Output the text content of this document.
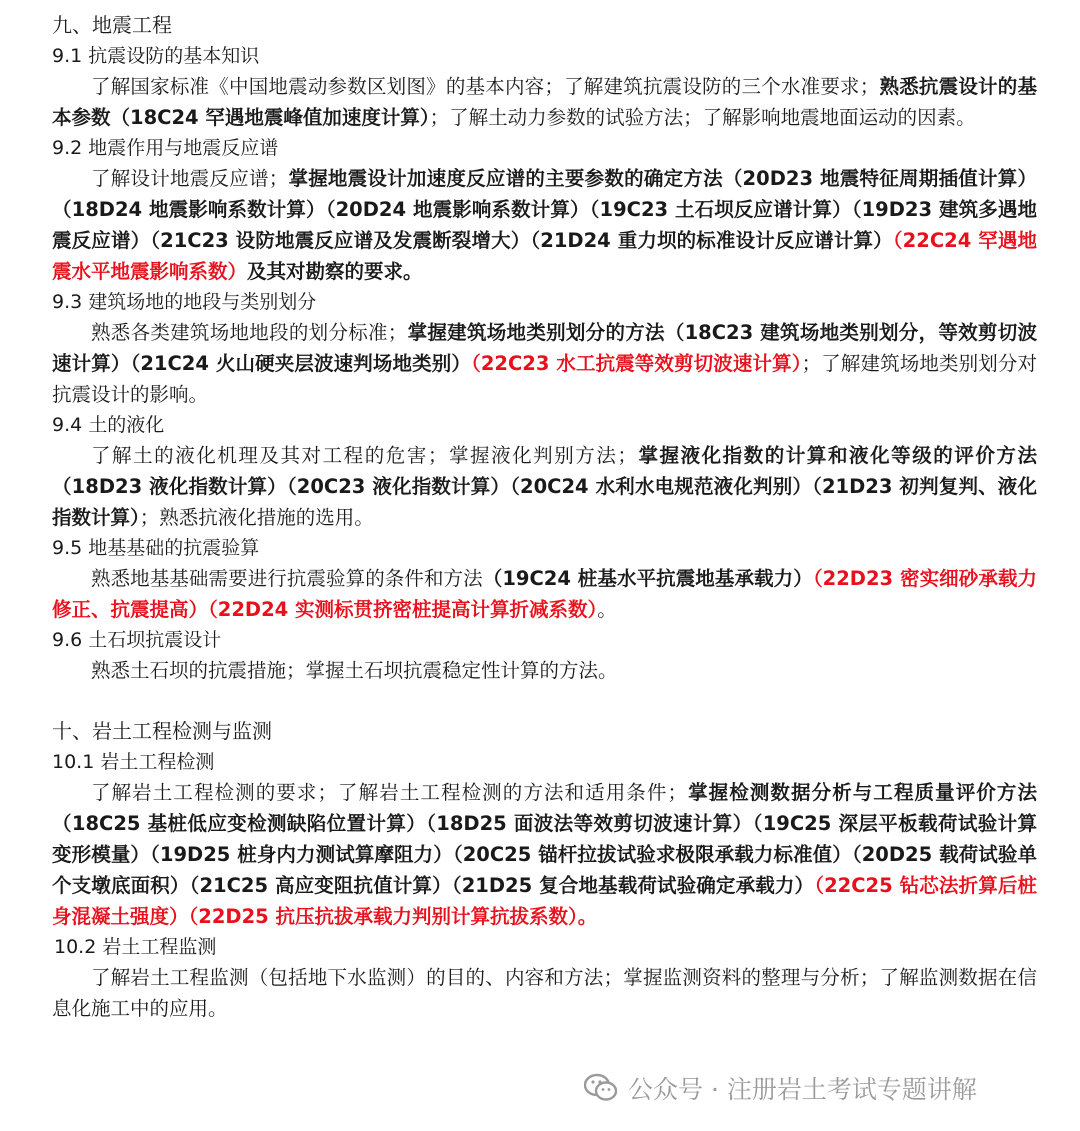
九、地震工程

9.1 抗震设防的基本知识

了解国家标准《中国地震动参数区划图》的基本内容；了解建筑抗震设防的三个水准要求；熟悉抗震设计的基本参数（18C24 罕遇地震峰值加速度计算）；了解土动力参数的试验方法；了解影响地震地面运动的因素。

9.2 地震作用与地震反应谱

了解设计地震反应谱；掌握地震设计加速度反应谱的主要参数的确定方法（20D23 地震特征周期插值计算）（18D24 地震影响系数计算）（20D24 地震影响系数计算）（19C23 土石坝反应谱计算）（19D23 建筑多遇地震反应谱）（21C23 设防地震反应谱及发震断裂增大）（21D24 重力坝的标准设计反应谱计算）（22C24 罕遇地震水平地震影响系数）及其对勘察的要求。

9.3 建筑场地的地段与类别划分

熟悉各类建筑场地地段的划分标准；掌握建筑场地类别划分的方法（18C23 建筑场地类别划分，等效剪切波速计算）（21C24 火山硬夹层波速判场地类别）（22C23 水工抗震等效剪切波速计算）；了解建筑场地类别划分对抗震设计的影响。

9.4 土的液化

了解土的液化机理及其对工程的危害；掌握液化判别方法；掌握液化指数的计算和液化等级的评价方法（18D23 液化指数计算）（20C23 液化指数计算）（20C24 水利水电规范液化判别）（21D23 初判复判、液化指数计算）；熟悉抗液化措施的选用。

9.5 地基基础的抗震验算

熟悉地基基础需要进行抗震验算的条件和方法（19C24 桩基水平抗震地基承载力）（22D23 密实细砂承载力修正、抗震提高）（22D24 实测标贯挤密桩提高计算折减系数）。

9.6 土石坝抗震设计

熟悉土石坝的抗震措施；掌握土石坝抗震稳定性计算的方法。

十、岩土工程检测与监测

10.1 岩土工程检测

了解岩土工程检测的要求；了解岩土工程检测的方法和适用条件；掌握检测数据分析与工程质量评价方法（18C25 基桩低应变检测缺陷位置计算）（18D25 面波法等效剪切波速计算）（19C25 深层平板载荷试验计算变形模量）（19D25 桩身内力测试算摩阻力）（20C25 锚杆拉拔试验求极限承载力标准值）（20D25 载荷试验单个支墩底面积）（21C25 高应变阻抗值计算）（21D25 复合地基载荷试验确定承载力）（22C25 钻芯法折算后桩身混凝土强度）（22D25 抗压抗拔承载力判别计算抗拔系数）。

10.2 岩土工程监测

了解岩土工程监测（包括地下水监测）的目的、内容和方法；掌握监测资料的整理与分析；了解监测数据在信息化施工中的应用。

公众号 · 注册岩土考试专题讲解
